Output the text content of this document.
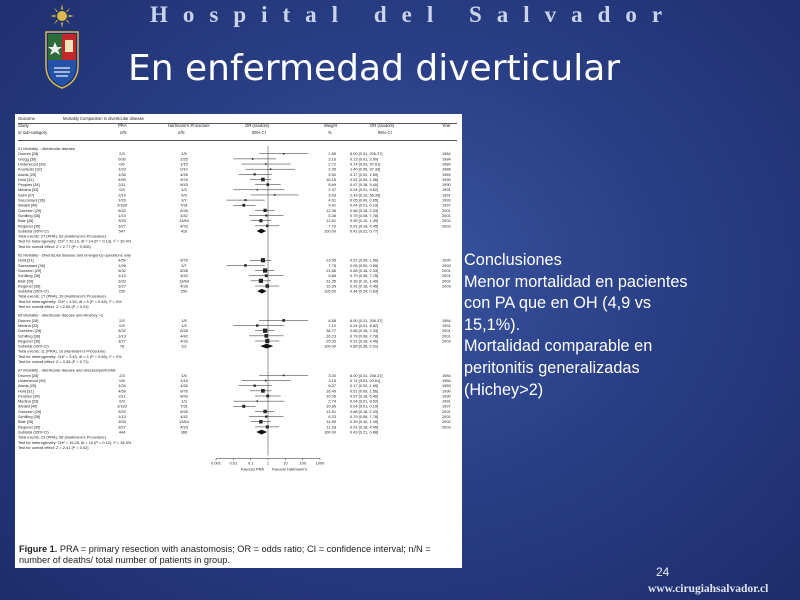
Hospital del Salvador
En enfermedad diverticular
Outcome	Mortality Comparison in diverticular disease
Study	PRA	Hartmann's Procedure	OR (random)	Weight	OR (random)	Year
or sub-category	n/N	n/N	95% CI	%	95% CI
01 Mortality - diverticular disease
Drumm [28]	2/3	1/5	2.85	8.00 [0.31, 206.37]	1984
Gregg [30]	0/30	2/25	3.16	0.13 [0.01, 2.99]	1984
Underwood [39]	0/6	1/15	2.72	0.74 [0.03, 20.61]	1984
Kourtesis [32]	1/23	0/10	2.95	1.40 [0.05, 37.33]	1988
Alanis [25]	1/34	4/26	5.50	0.17 [0.02, 1.69]	1989
Hold [31]	4/59	9/76	16.15	0.51 [0.09, 1.56]	1990
Peoples [34]	2/11	8/43	8.69	0.97 [0.18, 5.40]	1990
Medina [33]	0/3	1/3	2.37	0.24 [0.01, 8.62]	1991
Saini [37]	2/19	0/9	3.03	2.43 [0.10, 56.39]	1991
Saccomani [36]	1/26	3/7	4.61	0.05 [0.00, 0.65]	1993
Wedell [40]	2/183	7/31	9.41	0.04 [0.01, 0.19]	1997
Goezzen [29]	5/32	6/28	12.96	0.68 [0.18, 2.33]	2001
Schilling [38]	1/13	4/42	5.36	0.79 [0.08, 7.78]	2001
Blair [26]	3/33	13/64	12.61	0.39 [0.10, 1.49]	2002
Regenet [35]	3/27	4/33	7.70	0.91 [0.18, 4.45]	2003
Subtotal (95% CI)	547	416	100.00	0.41 [0.22, 0.77]
Total events: 27 (PRA), 63 (Hartmann's Procedure)
Test for heterogeneity: Chi² = 20.10, df = 14 (P = 0.13), I² = 30.4%
Test for overall effect: Z = 2.77 (P = 0.006)
02 Mortality - Diverticular disease and emergency operations only
Hold [31]	4/59	9/76	23.95	0.51 [0.09, 1.56]	1990
Saccomani [36]	1/26	3/7	7.75	0.05 [0.00, 0.65]	1993
Goezzen [29]	5/32	6/28	21.66	0.68 [0.18, 2.33]	2001
Schilling [38]	1/13	4/42	9.86	0.79 [0.08, 7.78]	2001
Blair [26]	3/33	13/64	21.35	0.39 [0.10, 1.49]	2002
Regenet [35]	3/27	4/33	15.39	0.91 [0.18, 4.45]	2003
Subtotal (95% CI)	230	250	100.00	0.44 [0.24, 0.83]
Total events: 17 (PRA), 39 (Hartmann's Procedure)
Test for heterogeneity: Chi² = 4.53, df = 5 (P = 0.48), I² = 0%
Test for overall effect: Z = 2.55 (P = 0.01)
05 Mortality - diverticular disease and Hinchey >2
Drumm [28]	2/3	1/5	8.58	8.00 [0.31, 206.37]	1984
Medina [33]	0/3	1/3	7.12	0.24 [0.01, 8.62]	1991
Goezzen [29]	5/32	6/28	38.77	0.68 [0.18, 2.33]	2001
Schilling [38]	1/13	4/42	16.23	0.79 [0.08, 7.78]	2001
Regenet [35]	3/27	4/33	29.33	0.91 [0.18, 4.45]	2003
Subtotal (95% CI)	78	111	100.00	0.85 [0.36, 2.01]
Total events: 11 (PRA), 16 (Hartmann's Procedure)
Test for heterogeneity: Chi² = 2.43, df = 4 (P = 0.66), I² = 0%
Test for overall effect: Z = 0.38 (P = 0.71)
07 Mortality - diverticular disease and abscess/peritonitis
Drumm [28]	2/3	1/5	3.30	8.00 [0.31, 206.37]	1984
Underwood [39]	0/6	1/15	3.15	0.74 [0.03, 20.61]	1984
Alanis [25]	1/34	4/26	6.37	0.17 [0.02, 1.69]	1989
Hold [31]	4/59	9/76	16.49	0.51 [0.09, 1.56]	1990
Peoples [34]	2/11	8/43	10.05	0.97 [0.18, 5.40]	1990
Medina [33]	0/3	1/3	2.74	0.24 [0.01, 8.62]	1991
Wedell [40]	2/183	7/31	10.89	0.04 [0.01, 0.19]	1997
Goezzen [29]	5/32	6/28	14.91	0.68 [0.18, 2.33]	2001
Schilling [38]	1/13	4/42	6.23	0.79 [0.08, 7.78]	2001
Blair [26]	3/33	13/64	14.59	0.39 [0.10, 1.49]	2002
Regenet [35]	3/27	4/33	11.28	0.91 [0.18, 4.45]	2003
Subtotal (95% CI)	444	366	100.00	0.43 [0.21, 0.88]
Total events: 23 (PRA), 58 (Hartmann's Procedure)
Test for heterogeneity: Chi² = 15.26, df = 10 (P = 0.12), I² = 34.5%
Test for overall effect: Z = 2.41 (P = 0.02)
0.001 0.01	0.1	1	10	100	1000
Favours PRA Favours Hartmann's
Figure 1. PRA = primary resection with anastomosis; OR = odds ratio; CI = confidence interval; n/N = number of deaths/ total number of patients in group.
Conclusiones
Menor mortalidad en pacientes
con PA que en OH (4,9 vs
15,1%).
Mortalidad comparable en
peritonitis generalizadas
(Hichey>2)
24
www.cirugiahsalvador.cl
